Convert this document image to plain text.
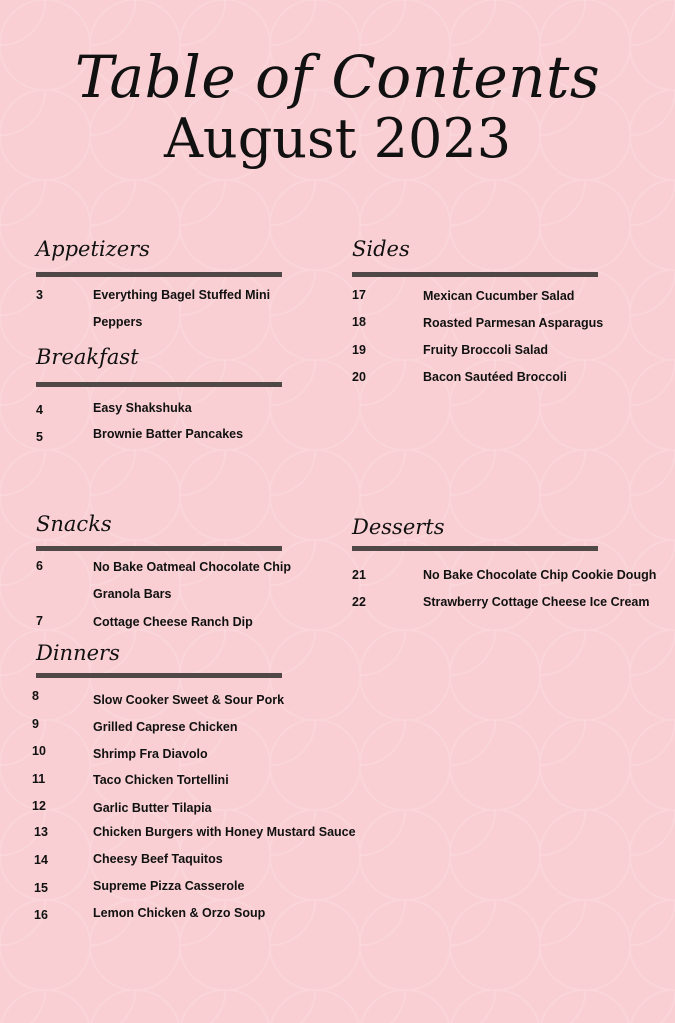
Table of Contents
August 2023
Appetizers
3	Everything Bagel Stuffed Mini
Peppers
Breakfast
4	Easy Shakshuka
5	Brownie Batter Pancakes
Snacks
6	No Bake Oatmeal Chocolate Chip
Granola Bars
7	Cottage Cheese Ranch Dip
Dinners
8	Slow Cooker Sweet & Sour Pork
9	Grilled Caprese Chicken
10	Shrimp Fra Diavolo
11	Taco Chicken Tortellini
12	Garlic Butter Tilapia
13	Chicken Burgers with Honey Mustard Sauce
14	Cheesy Beef Taquitos
15	Supreme Pizza Casserole
16	Lemon Chicken & Orzo Soup
Sides
17	Mexican Cucumber Salad
18	Roasted Parmesan Asparagus
19	Fruity Broccoli Salad
20	Bacon Sautéed Broccoli
Desserts
21	No Bake Chocolate Chip Cookie Dough
22	Strawberry Cottage Cheese Ice Cream
